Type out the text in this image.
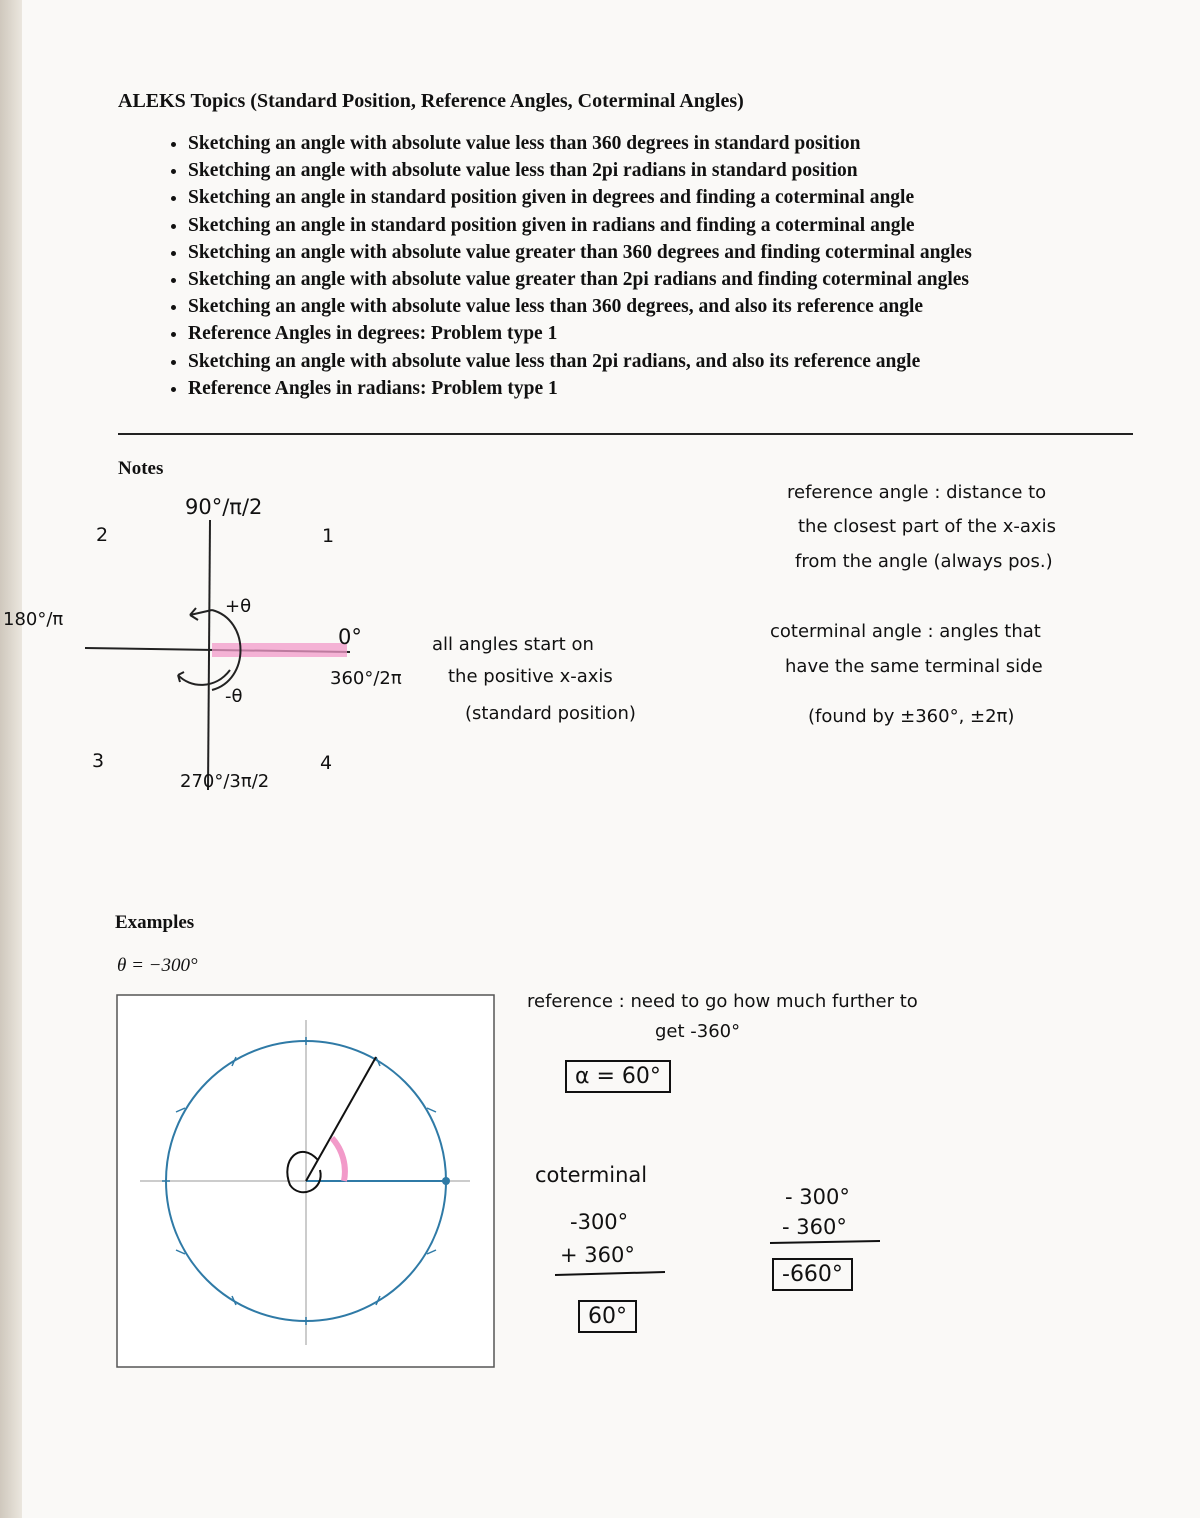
ALEKS Topics (Standard Position, Reference Angles, Coterminal Angles)
• Sketching an angle with absolute value less than 360 degrees in standard position
• Sketching an angle with absolute value less than 2pi radians in standard position
• Sketching an angle in standard position given in degrees and finding a coterminal angle
• Sketching an angle in standard position given in radians and finding a coterminal angle
• Sketching an angle with absolute value greater than 360 degrees and finding coterminal angles
• Sketching an angle with absolute value greater than 2pi radians and finding coterminal angles
• Sketching an angle with absolute value less than 360 degrees, and also its reference angle
• Reference Angles in degrees: Problem type 1
• Sketching an angle with absolute value less than 2pi radians, and also its reference angle
• Reference Angles in radians: Problem type 1
Notes
90°/π/2
180°/π
0°
360°/2π
270°/3π/2
+θ
-θ
1
2
3	4
all angles start on
the positive x-axis
(standard position)
reference angle : distance to
the closest part of the x-axis
from the angle (always pos.)
coterminal angle : angles that
have the same terminal side
(found by ±360°, ±2π)
Examples
θ = −300°
reference : need to go how much further to
get -360°
α = 60°
coterminal
-300°
+ 360°
60°
- 300°
- 360°
-660°
